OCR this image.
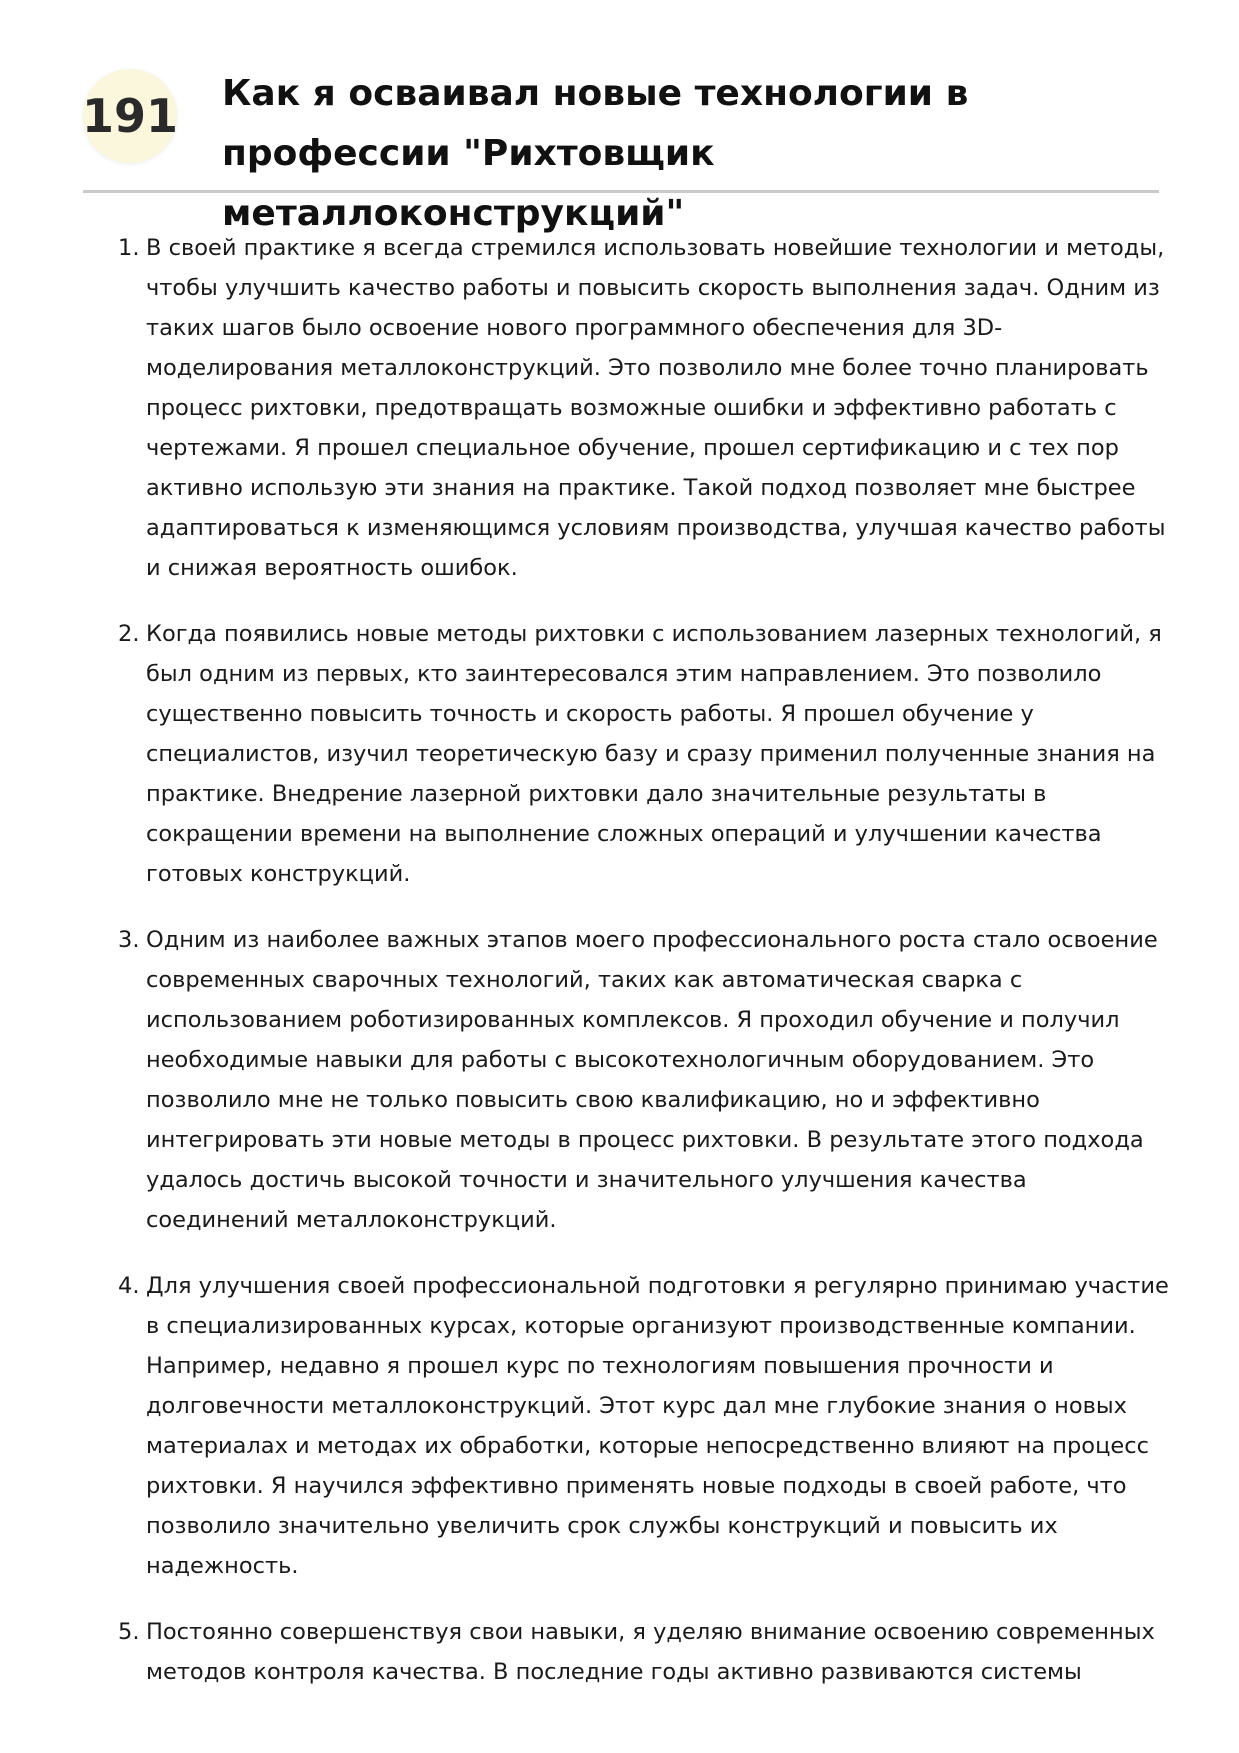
191 Как я осваивал новые технологии в профессии "Рихтовщик металлоконструкций"
1. В своей практике я всегда стремился использовать новейшие технологии и методы, чтобы улучшить качество работы и повысить скорость выполнения задач. Одним из таких шагов было освоение нового программного обеспечения для 3D-моделирования металлоконструкций. Это позволило мне более точно планировать процесс рихтовки, предотвращать возможные ошибки и эффективно работать с чертежами. Я прошел специальное обучение, прошел сертификацию и с тех пор активно использую эти знания на практике. Такой подход позволяет мне быстрее адаптироваться к изменяющимся условиям производства, улучшая качество работы и снижая вероятность ошибок.

2. Когда появились новые методы рихтовки с использованием лазерных технологий, я был одним из первых, кто заинтересовался этим направлением. Это позволило существенно повысить точность и скорость работы. Я прошел обучение у специалистов, изучил теоретическую базу и сразу применил полученные знания на практике. Внедрение лазерной рихтовки дало значительные результаты в сокращении времени на выполнение сложных операций и улучшении качества готовых конструкций.

3. Одним из наиболее важных этапов моего профессионального роста стало освоение современных сварочных технологий, таких как автоматическая сварка с использованием роботизированных комплексов. Я проходил обучение и получил необходимые навыки для работы с высокотехнологичным оборудованием. Это позволило мне не только повысить свою квалификацию, но и эффективно интегрировать эти новые методы в процесс рихтовки. В результате этого подхода удалось достичь высокой точности и значительного улучшения качества соединений металлоконструкций.

4. Для улучшения своей профессиональной подготовки я регулярно принимаю участие в специализированных курсах, которые организуют производственные компании. Например, недавно я прошел курс по технологиям повышения прочности и долговечности металлоконструкций. Этот курс дал мне глубокие знания о новых материалах и методах их обработки, которые непосредственно влияют на процесс рихтовки. Я научился эффективно применять новые подходы в своей работе, что позволило значительно увеличить срок службы конструкций и повысить их надежность.

5. Постоянно совершенствуя свои навыки, я уделяю внимание освоению современных методов контроля качества. В последние годы активно развиваются системы
